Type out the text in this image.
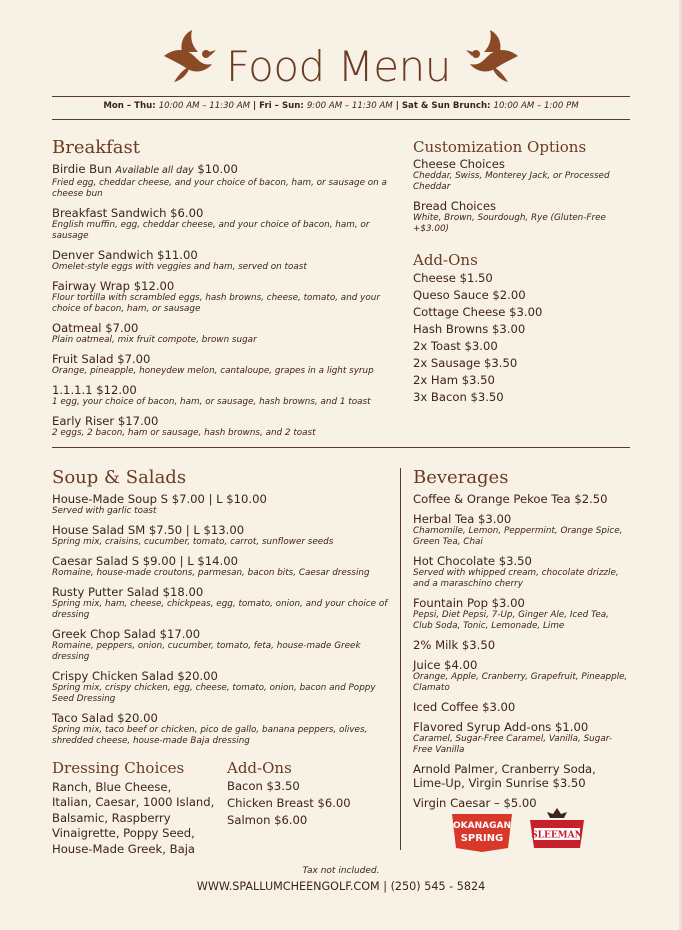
Food Menu
Mon – Thu: 10:00 AM – 11:30 AM | Fri – Sun: 9:00 AM – 11:30 AM | Sat & Sun Brunch: 10:00 AM – 1:00 PM
Breakfast
Birdie Bun Available all day $10.00
Fried egg, cheddar cheese, and your choice of bacon, ham, or sausage on a cheese bun
Breakfast Sandwich $6.00
English muffin, egg, cheddar cheese, and your choice of bacon, ham, or sausage
Denver Sandwich $11.00
Omelet-style eggs with veggies and ham, served on toast
Fairway Wrap $12.00
Flour tortilla with scrambled eggs, hash browns, cheese, tomato, and your choice of bacon, ham, or sausage
Oatmeal $7.00
Plain oatmeal, mix fruit compote, brown sugar
Fruit Salad $7.00
Orange, pineapple, honeydew melon, cantaloupe, grapes in a light syrup
1.1.1.1 $12.00
1 egg, your choice of bacon, ham, or sausage, hash browns, and 1 toast
Early Riser $17.00
2 eggs, 2 bacon, ham or sausage, hash browns, and 2 toast
Customization Options
Cheese Choices
Cheddar, Swiss, Monterey Jack, or Processed Cheddar
Bread Choices
White, Brown, Sourdough, Rye (Gluten-Free +$3.00)
Add-Ons
Cheese $1.50
Queso Sauce $2.00
Cottage Cheese $3.00
Hash Browns $3.00
2x Toast $3.00
2x Sausage $3.50
2x Ham $3.50
3x Bacon $3.50
Soup & Salads
House-Made Soup S $7.00 | L $10.00
Served with garlic toast
House Salad SM $7.50 | L $13.00
Spring mix, craisins, cucumber, tomato, carrot, sunflower seeds
Caesar Salad S $9.00 | L $14.00
Romaine, house-made croutons, parmesan, bacon bits, Caesar dressing
Rusty Putter Salad $18.00
Spring mix, ham, cheese, chickpeas, egg, tomato, onion, and your choice of dressing
Greek Chop Salad $17.00
Romaine, peppers, onion, cucumber, tomato, feta, house-made Greek dressing
Crispy Chicken Salad $20.00
Spring mix, crispy chicken, egg, cheese, tomato, onion, bacon and Poppy Seed Dressing
Taco Salad $20.00
Spring mix, taco beef or chicken, pico de gallo, banana peppers, olives, shredded cheese, house-made Baja dressing
Dressing Choices
Ranch, Blue Cheese,
Italian, Caesar, 1000 Island,
Balsamic, Raspberry
Vinaigrette, Poppy Seed,
House-Made Greek, Baja
Add-Ons
Bacon $3.50
Chicken Breast $6.00
Salmon $6.00
Beverages
Coffee & Orange Pekoe Tea $2.50
Herbal Tea $3.00
Chamomile, Lemon, Peppermint, Orange Spice, Green Tea, Chai
Hot Chocolate $3.50
Served with whipped cream, chocolate drizzle, and a maraschino cherry
Fountain Pop $3.00
Pepsi, Diet Pepsi, 7-Up, Ginger Ale, Iced Tea, Club Soda, Tonic, Lemonade, Lime
2% Milk $3.50
Juice $4.00
Orange, Apple, Cranberry, Grapefruit, Pineapple, Clamato
Iced Coffee $3.00
Flavored Syrup Add-ons $1.00
Caramel, Sugar-Free Caramel, Vanilla, Sugar-Free Vanilla
Arnold Palmer, Cranberry Soda, Lime-Up, Virgin Sunrise $3.50
Virgin Caesar – $5.00
OKANAGAN
SPRING	SLEEMAN
Tax not included.
WWW.SPALLUMCHEENGOLF.COM | (250) 545 - 5824
